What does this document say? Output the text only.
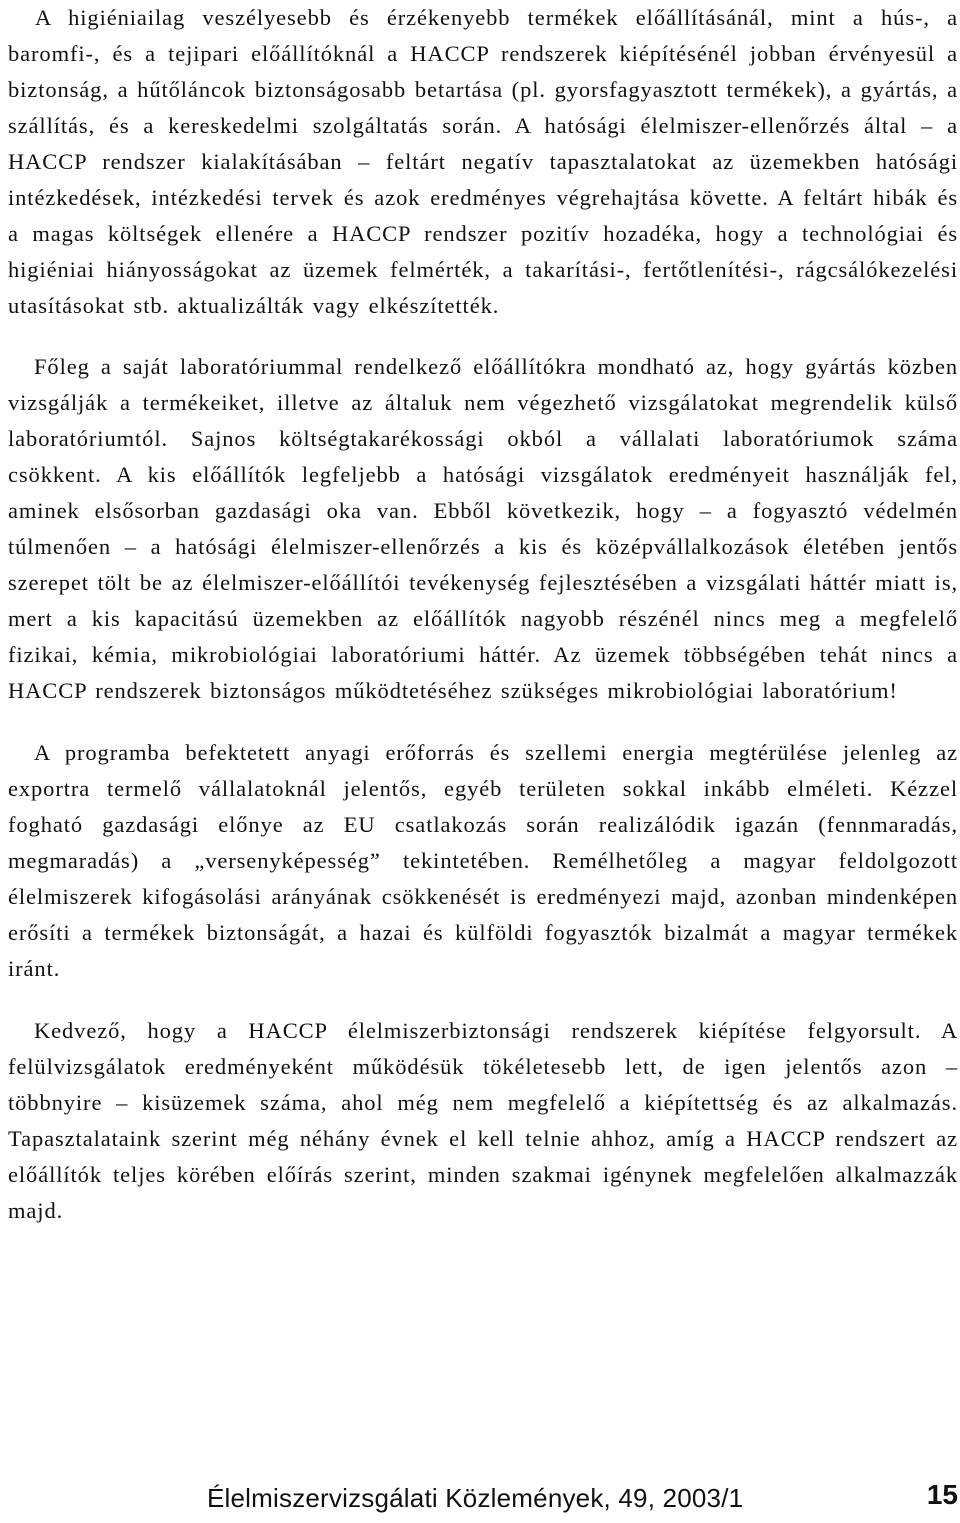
A higiéniailag veszélyesebb és érzékenyebb termékek előállításánál, mint a hús-, a baromfi-, és a tejipari előállítóknál a HACCP rendszerek kiépítésénél jobban érvényesül a biztonság, a hűtőláncok biztonságosabb betartása (pl. gyorsfagyasztott termékek), a gyártás, a szállítás, és a kereskedelmi szolgáltatás során. A hatósági élelmiszer-ellenőrzés által – a HACCP rendszer kialakításában – feltárt negatív tapasztalatokat az üzemekben hatósági intézkedések, intézkedési tervek és azok eredményes végrehajtása követte. A feltárt hibák és a magas költségek ellenére a HACCP rendszer pozitív hozadéka, hogy a technológiai és higiéniai hiányosságokat az üzemek felmérték, a takarítási-, fertőtlenítési-, rágcsálókezelési utasításokat stb. aktualizálták vagy elkészítették.

Főleg a saját laboratóriummal rendelkező előállítókra mondható az, hogy gyártás közben vizsgálják a termékeiket, illetve az általuk nem végezhető vizsgálatokat megrendelik külső laboratóriumtól. Sajnos költségtakarékossági okból a vállalati laboratóriumok száma csökkent. A kis előállítók legfeljebb a hatósági vizsgálatok eredményeit használják fel, aminek elsősorban gazdasági oka van. Ebből következik, hogy – a fogyasztó védelmén túlmenően – a hatósági élelmiszer-ellenőrzés a kis és középvállalkozások életében jentős szerepet tölt be az élelmiszer-előállítói tevékenység fejlesztésében a vizsgálati háttér miatt is, mert a kis kapacitású üzemekben az előállítók nagyobb részénél nincs meg a megfelelő fizikai, kémia, mikrobiológiai laboratóriumi háttér. Az üzemek többségében tehát nincs a HACCP rendszerek biztonságos működtetéséhez szükséges mikrobiológiai laboratórium!

A programba befektetett anyagi erőforrás és szellemi energia megtérülése jelenleg az exportra termelő vállalatoknál jelentős, egyéb területen sokkal inkább elméleti. Kézzel fogható gazdasági előnye az EU csatlakozás során realizálódik igazán (fennmaradás, megmaradás) a „versenyképesség” tekintetében. Remélhetőleg a magyar feldolgozott élelmiszerek kifogásolási arányának csökkenését is eredményezi majd, azonban mindenképen erősíti a termékek biztonságát, a hazai és külföldi fogyasztók bizalmát a magyar termékek iránt.

Kedvező, hogy a HACCP élelmiszerbiztonsági rendszerek kiépítése felgyorsult. A felülvizsgálatok eredményeként működésük tökéletesebb lett, de igen jelentős azon – többnyire – kisüzemek száma, ahol még nem megfelelő a kiépítettség és az alkalmazás. Tapasztalataink szerint még néhány évnek el kell telnie ahhoz, amíg a HACCP rendszert az előállítók teljes körében előírás szerint, minden szakmai igénynek megfelelően alkalmazzák majd.

Élelmiszervizsgálati Közlemények, 49, 2003/1	15
